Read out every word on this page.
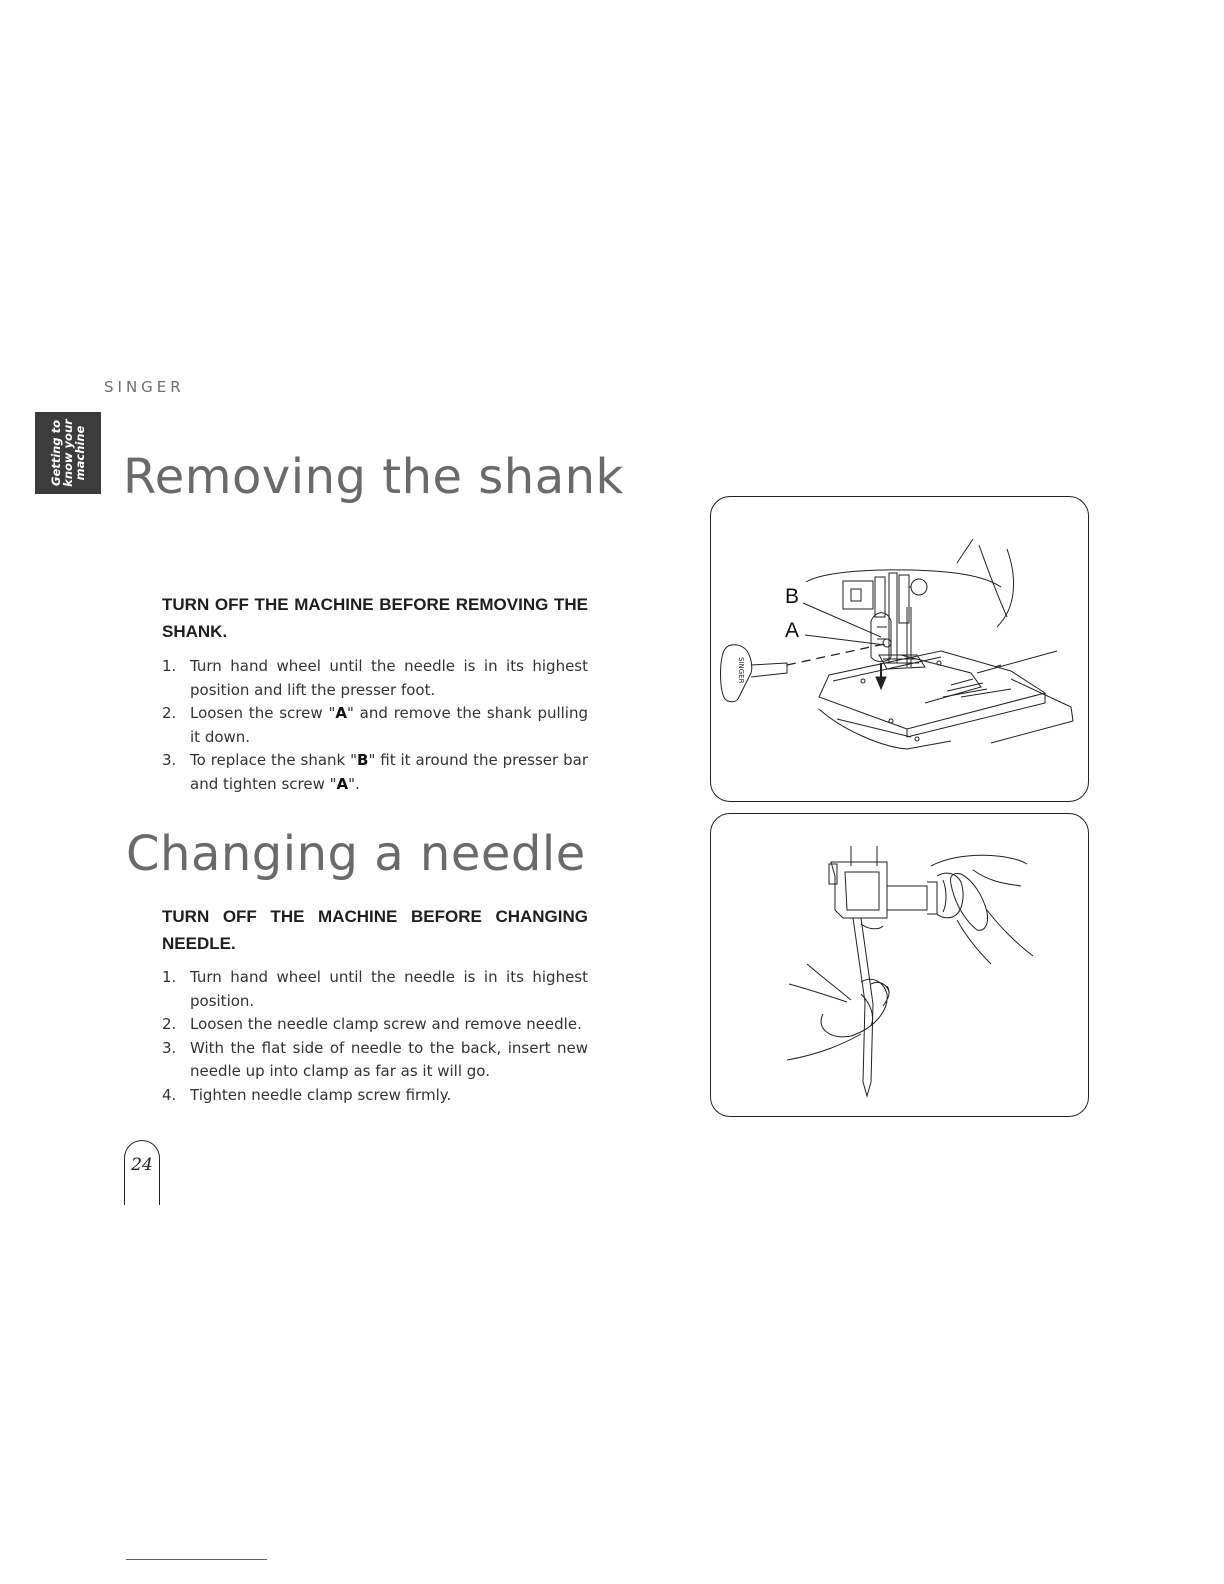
SINGER
Getting to
know your
machine Removing the shank

TURN OFF THE MACHINE BEFORE REMOVING THE SHANK.

1. Turn hand wheel until the needle is in its highest position and lift the presser foot.
2. Loosen the screw "A" and remove the shank pulling it down.
3. To replace the shank "B" fit it around the presser bar and tighten screw "A".
Changing a needle

TURN OFF THE MACHINE BEFORE CHANGING NEEDLE.

1. Turn hand wheel until the needle is in its highest position.
2. Loosen the needle clamp screw and remove needle.
3. With the flat side of needle to the back, insert new needle up into clamp as far as it will go.
4. Tighten needle clamp screw firmly.
SINGER
B
A
24
